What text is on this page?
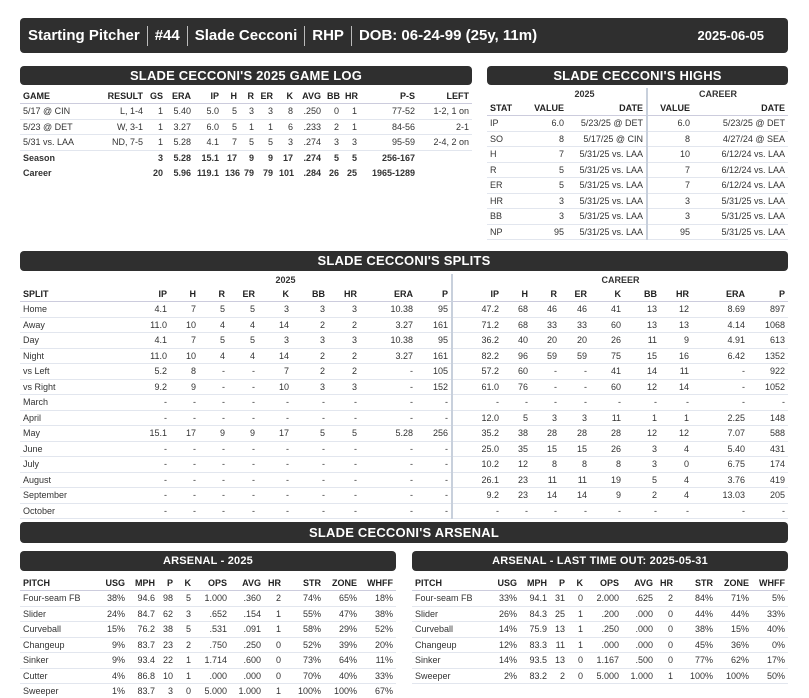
Starting Pitcher	#44	Slade Cecconi	RHP	DOB: 06-24-99 (25y, 11m)	2025-06-05
SLADE CECCONI'S 2025 GAME LOG
GAME	RESULT	GS	ERA	IP	H	R	ER	K	AVG	BB	HR	P-S	LEFT
5/17 @ CIN	L, 1-4	1	5.40	5.0	5	3	3	8	.250	0	1	77-52	1-2, 1 on
5/23 @ DET	W, 3-1	1	3.27	6.0	5	1	1	6	.233	2	1	84-56	2-1
5/31 vs. LAA	ND, 7-5	1	5.28	4.1	7	5	5	3	.274	3	3	95-59	2-4, 2 on
Season		3	5.28	15.1	17	9	9	17	.274	5	5	256-167	
Career		20	5.96	119.1	136	79	79	101	.284	26	25	1965-1289	
SLADE CECCONI'S HIGHS
	2025		CAREER	
STAT	VALUE	DATE	VALUE	DATE
IP	6.0	5/23/25 @ DET	6.0	5/23/25 @ DET
SO	8	5/17/25 @ CIN	8	4/27/24 @ SEA
H	7	5/31/25 vs. LAA	10	6/12/24 vs. LAA
R	5	5/31/25 vs. LAA	7	6/12/24 vs. LAA
ER	5	5/31/25 vs. LAA	7	6/12/24 vs. LAA
HR	3	5/31/25 vs. LAA	3	5/31/25 vs. LAA
BB	3	5/31/25 vs. LAA	3	5/31/25 vs. LAA
NP	95	5/31/25 vs. LAA	95	5/31/25 vs. LAA
SLADE CECCONI'S SPLITS
	2025									CAREER								
SPLIT	IP	H	R	ER	K	BB	HR	ERA	P	IP	H	R	ER	K	BB	HR	ERA	P
Home	4.1	7	5	5	3	3	3	10.38	95	47.2	68	46	46	41	13	12	8.69	897
Away	11.0	10	4	4	14	2	2	3.27	161	71.2	68	33	33	60	13	13	4.14	1068
Day	4.1	7	5	5	3	3	3	10.38	95	36.2	40	20	20	26	11	9	4.91	613
Night	11.0	10	4	4	14	2	2	3.27	161	82.2	96	59	59	75	15	16	6.42	1352
vs Left	5.2	8	-	-	7	2	2	-	105	57.2	60	-	-	41	14	11	-	922
vs Right	9.2	9	-	-	10	3	3	-	152	61.0	76	-	-	60	12	14	-	1052
March	-	-	-	-	-	-	-	-	-	-	-	-	-	-	-	-	-	-
April	-	-	-	-	-	-	-	-	-	12.0	5	3	3	11	1	1	2.25	148
May	15.1	17	9	9	17	5	5	5.28	256	35.2	38	28	28	28	12	12	7.07	588
June	-	-	-	-	-	-	-	-	-	25.0	35	15	15	26	3	4	5.40	431
July	-	-	-	-	-	-	-	-	-	10.2	12	8	8	8	3	0	6.75	174
August	-	-	-	-	-	-	-	-	-	26.1	23	11	11	19	5	4	3.76	419
September	-	-	-	-	-	-	-	-	-	9.2	23	14	14	9	2	4	13.03	205
October	-	-	-	-	-	-	-	-	-	-	-	-	-	-	-	-	-	-
SLADE CECCONI'S ARSENAL
ARSENAL - 2025
PITCH	USG	MPH	P	K	OPS	AVG	HR	STR	ZONE	WHFF
Four-seam FB	38%	94.6	98	5	1.000	.360	2	74%	65%	18%
Slider	24%	84.7	62	3	.652	.154	1	55%	47%	38%
Curveball	15%	76.2	38	5	.531	.091	1	58%	29%	52%
Changeup	9%	83.7	23	2	.750	.250	0	52%	39%	20%
Sinker	9%	93.4	22	1	1.714	.600	0	73%	64%	11%
Cutter	4%	86.8	10	1	.000	.000	0	70%	40%	33%
Sweeper	1%	83.7	3	0	5.000	1.000	1	100%	100%	67%
ARSENAL - LAST TIME OUT: 2025-05-31
PITCH	USG	MPH	P	K	OPS	AVG	HR	STR	ZONE	WHFF
Four-seam FB	33%	94.1	31	0	2.000	.625	2	84%	71%	5%
Slider	26%	84.3	25	1	.200	.000	0	44%	44%	33%
Curveball	14%	75.9	13	1	.250	.000	0	38%	15%	40%
Changeup	12%	83.3	11	1	.000	.000	0	45%	36%	0%
Sinker	14%	93.5	13	0	1.167	.500	0	77%	62%	17%
Sweeper	2%	83.2	2	0	5.000	1.000	1	100%	100%	50%
